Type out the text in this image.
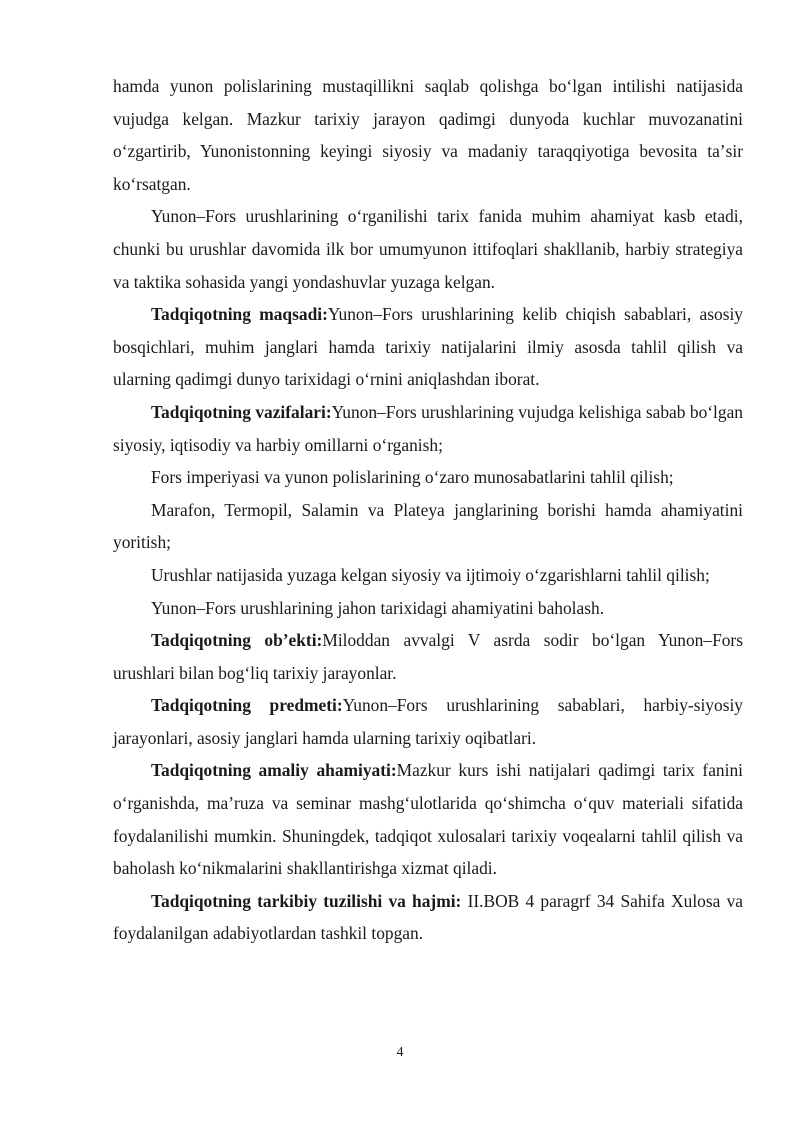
hamda yunon polislarining mustaqillikni saqlab qolishga boʻlgan intilishi natijasida vujudga kelgan. Mazkur tarixiy jarayon qadimgi dunyoda kuchlar muvozanatini oʻzgartirib, Yunonistonning keyingi siyosiy va madaniy taraqqiyotiga bevosita taʼsir koʻrsatgan.

Yunon–Fors urushlarining oʻrganilishi tarix fanida muhim ahamiyat kasb etadi, chunki bu urushlar davomida ilk bor umumyunon ittifoqlari shakllanib, harbiy strategiya va taktika sohasida yangi yondashuvlar yuzaga kelgan.

Tadqiqotning maqsadi:Yunon–Fors urushlarining kelib chiqish sabablari, asosiy bosqichlari, muhim janglari hamda tarixiy natijalarini ilmiy asosda tahlil qilish va ularning qadimgi dunyo tarixidagi oʻrnini aniqlashdan iborat.

Tadqiqotning vazifalari:Yunon–Fors urushlarining vujudga kelishiga sabab boʻlgan siyosiy, iqtisodiy va harbiy omillarni oʻrganish;

Fors imperiyasi va yunon polislarining oʻzaro munosabatlarini tahlil qilish;

Marafon, Termopil, Salamin va Plateya janglarining borishi hamda ahamiyatini yoritish;

Urushlar natijasida yuzaga kelgan siyosiy va ijtimoiy oʻzgarishlarni tahlil qilish;

Yunon–Fors urushlarining jahon tarixidagi ahamiyatini baholash.

Tadqiqotning obʼekti:Miloddan avvalgi V asrda sodir boʻlgan Yunon–Fors urushlari bilan bogʻliq tarixiy jarayonlar.

Tadqiqotning predmeti:Yunon–Fors urushlarining sabablari, harbiy-siyosiy jarayonlari, asosiy janglari hamda ularning tarixiy oqibatlari.

Tadqiqotning amaliy ahamiyati:Mazkur kurs ishi natijalari qadimgi tarix fanini oʻrganishda, maʼruza va seminar mashgʻulotlarida qoʻshimcha oʻquv materiali sifatida foydalanilishi mumkin. Shuningdek, tadqiqot xulosalari tarixiy voqealarni tahlil qilish va baholash koʻnikmalarini shakllantirishga xizmat qiladi.

Tadqiqotning tarkibiy tuzilishi va hajmi: II.BOB 4 paragrf 34 Sahifa Xulosa va foydalanilgan adabiyotlardan tashkil topgan.

4
